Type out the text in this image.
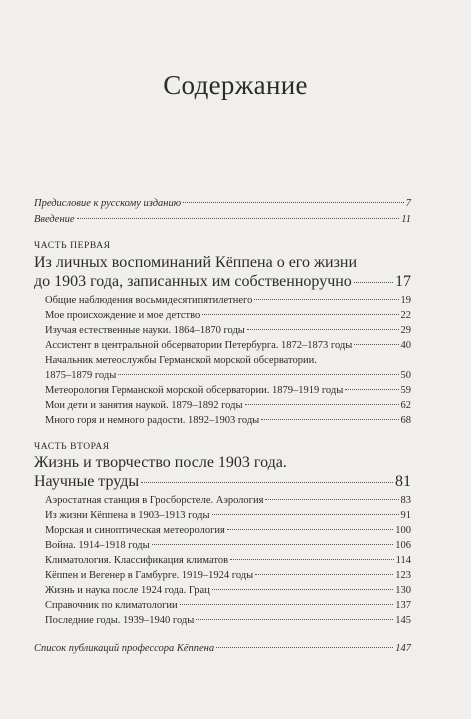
Содержание
Предисловие к русскому изданию	7
Введение	11
ЧАСТЬ ПЕРВАЯ
Из личных воспоминаний Кёппена о его жизни
до 1903 года, записанных им собственноручно	17
Общие наблюдения восьмидесятипятилетнего	19
Мое происхождение и мое детство	22
Изучая естественные науки. 1864–1870 годы	29
Ассистент в центральной обсерватории Петербурга. 1872–1873 годы	40
Начальник метеослужбы Германской морской обсерватории.
1875–1879 годы	50
Метеорология Германской морской обсерватории. 1879–1919 годы	59
Мои дети и занятия наукой. 1879–1892 годы	62
Много горя и немного радости. 1892–1903 годы	68
ЧАСТЬ ВТОРАЯ
Жизнь и творчество после 1903 года.
Научные труды	81
Аэростатная станция в Гросборстеле. Аэрология	83
Из жизни Кёппена в 1903–1913 годы	91
Морская и синоптическая метеорология	100
Война. 1914–1918 годы	106
Климатология. Классификация климатов	114
Кёппен и Вегенер в Гамбурге. 1919–1924 годы	123
Жизнь и наука после 1924 года. Грац	130
Справочник по климатологии	137
Последние годы. 1939–1940 годы	145
Список публикаций профессора Кёппена	147
